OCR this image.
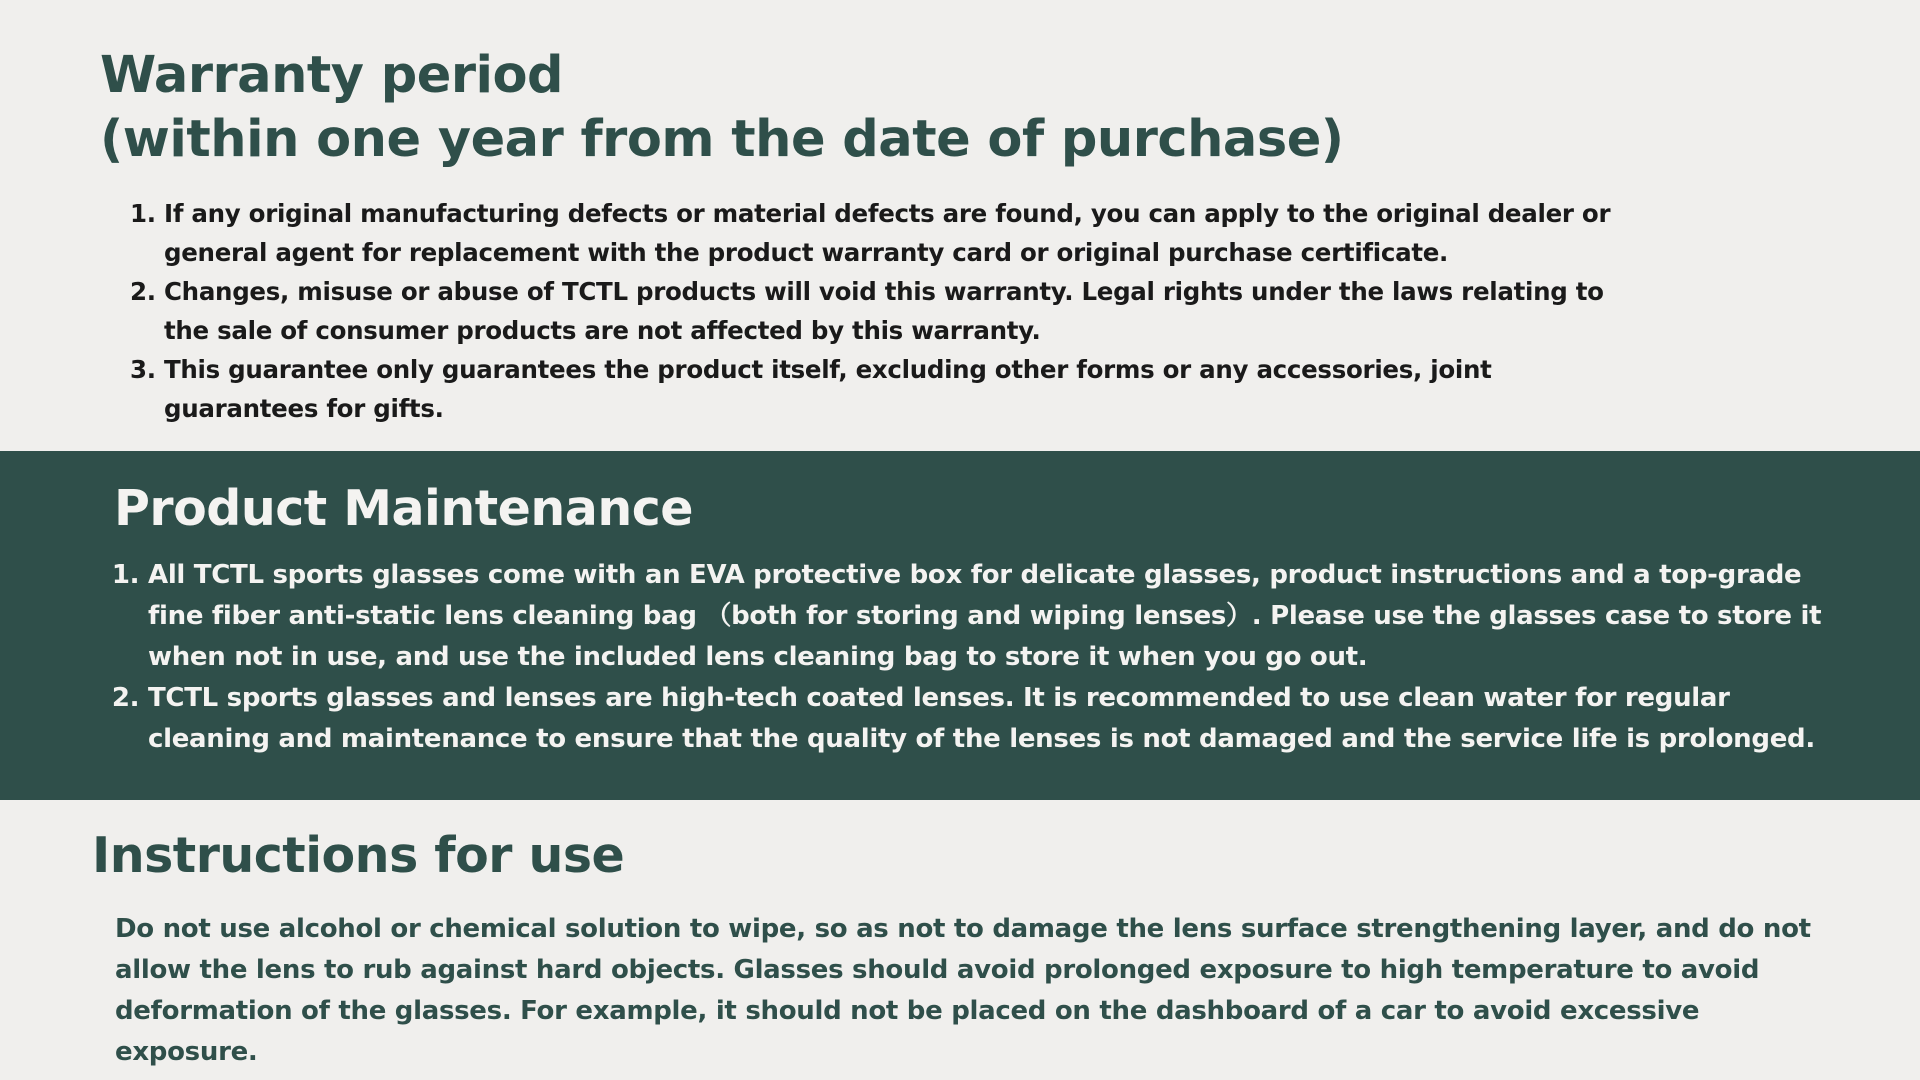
Warranty period
(within one year from the date of purchase)
1. If any original manufacturing defects or material defects are found, you can apply to the original dealer or general agent for replacement with the product warranty card or original purchase certificate.
2. Changes, misuse or abuse of TCTL products will void this warranty. Legal rights under the laws relating to the sale of consumer products are not affected by this warranty.
3. This guarantee only guarantees the product itself, excluding other forms or any accessories, joint guarantees for gifts.
Product Maintenance
1. All TCTL sports glasses come with an EVA protective box for delicate glasses, product instructions and a top-grade fine fiber anti-static lens cleaning bag （both for storing and wiping lenses）. Please use the glasses case to store it when not in use, and use the included lens cleaning bag to store it when you go out.
2. TCTL sports glasses and lenses are high-tech coated lenses. It is recommended to use clean water for regular cleaning and maintenance to ensure that the quality of the lenses is not damaged and the service life is prolonged.
Instructions for use

Do not use alcohol or chemical solution to wipe, so as not to damage the lens surface strengthening layer, and do not allow the lens to rub against hard objects. Glasses should avoid prolonged exposure to high temperature to avoid deformation of the glasses. For example, it should not be placed on the dashboard of a car to avoid excessive exposure.
